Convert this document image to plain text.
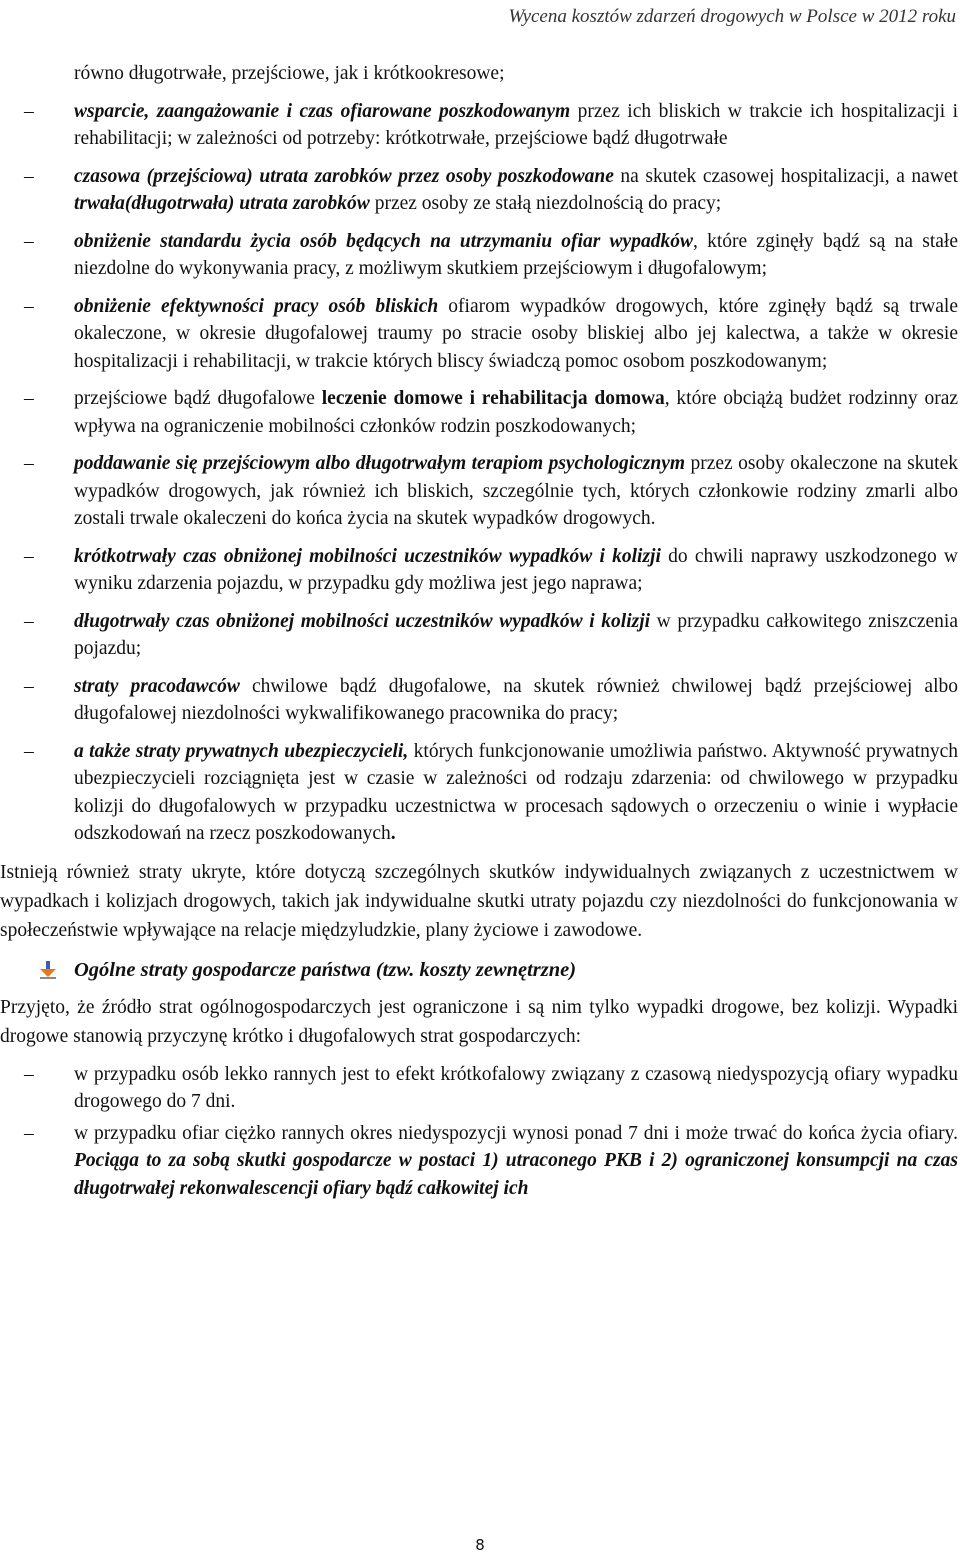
Wycena kosztów zdarzeń drogowych w Polsce w 2012 roku
równo długotrwałe, przejściowe, jak i krótkookresowe;
– wsparcie, zaangażowanie i czas ofiarowane poszkodowanym przez ich bliskich w trakcie ich hospitalizacji i rehabilitacji; w zależności od potrzeby: krótkotrwałe, przejściowe bądź długotrwałe
– czasowa (przejściowa) utrata zarobków przez osoby poszkodowane na skutek czasowej hospitalizacji, a nawet trwała(długotrwała) utrata zarobków przez osoby ze stałą niezdolnością do pracy;
– obniżenie standardu życia osób będących na utrzymaniu ofiar wypadków, które zginęły bądź są na stałe niezdolne do wykonywania pracy, z możliwym skutkiem przejściowym i długofalowym;
– obniżenie efektywności pracy osób bliskich ofiarom wypadków drogowych, które zginęły bądź są trwale okaleczone, w okresie długofalowej traumy po stracie osoby bliskiej albo jej kalectwa, a także w okresie hospitalizacji i rehabilitacji, w trakcie których bliscy świadczą pomoc osobom poszkodowanym;
– przejściowe bądź długofalowe leczenie domowe i rehabilitacja domowa, które obciążą budżet rodzinny oraz wpływa na ograniczenie mobilności członków rodzin poszkodowanych;
– poddawanie się przejściowym albo długotrwałym terapiom psychologicznym przez osoby okaleczone na skutek wypadków drogowych, jak również ich bliskich, szczególnie tych, których członkowie rodziny zmarli albo zostali trwale okaleczeni do końca życia na skutek wypadków drogowych.
– krótkotrwały czas obniżonej mobilności uczestników wypadków i kolizji do chwili naprawy uszkodzonego w wyniku zdarzenia pojazdu, w przypadku gdy możliwa jest jego naprawa;
– długotrwały czas obniżonej mobilności uczestników wypadków i kolizji w przypadku całkowitego zniszczenia pojazdu;
– straty pracodawców chwilowe bądź długofalowe, na skutek również chwilowej bądź przejściowej albo długofalowej niezdolności wykwalifikowanego pracownika do pracy;
– a także straty prywatnych ubezpieczycieli, których funkcjonowanie umożliwia państwo. Aktywność prywatnych ubezpieczycieli rozciągnięta jest w czasie w zależności od rodzaju zdarzenia: od chwilowego w przypadku kolizji do długofalowych w przypadku uczestnictwa w procesach sądowych o orzeczeniu o winie i wypłacie odszkodowań na rzecz poszkodowanych.

Istnieją również straty ukryte, które dotyczą szczególnych skutków indywidualnych związanych z uczestnictwem w wypadkach i kolizjach drogowych, takich jak indywidualne skutki utraty pojazdu czy niezdolności do funkcjonowania w społeczeństwie wpływające na relacje międzyludzkie, plany życiowe i zawodowe.

Ogólne straty gospodarcze państwa (tzw. koszty zewnętrzne)

Przyjęto, że źródło strat ogólnogospodarczych jest ograniczone i są nim tylko wypadki drogowe, bez kolizji. Wypadki drogowe stanowią przyczynę krótko i długofalowych strat gospodarczych:

– w przypadku osób lekko rannych jest to efekt krótkofalowy związany z czasową niedyspozycją ofiary wypadku drogowego do 7 dni.
– w przypadku ofiar ciężko rannych okres niedyspozycji wynosi ponad 7 dni i może trwać do końca życia ofiary. Pociąga to za sobą skutki gospodarcze w postaci 1) utraconego PKB i 2) ograniczonej konsumpcji na czas długotrwałej rekonwalescencji ofiary bądź całkowitej ich
8
